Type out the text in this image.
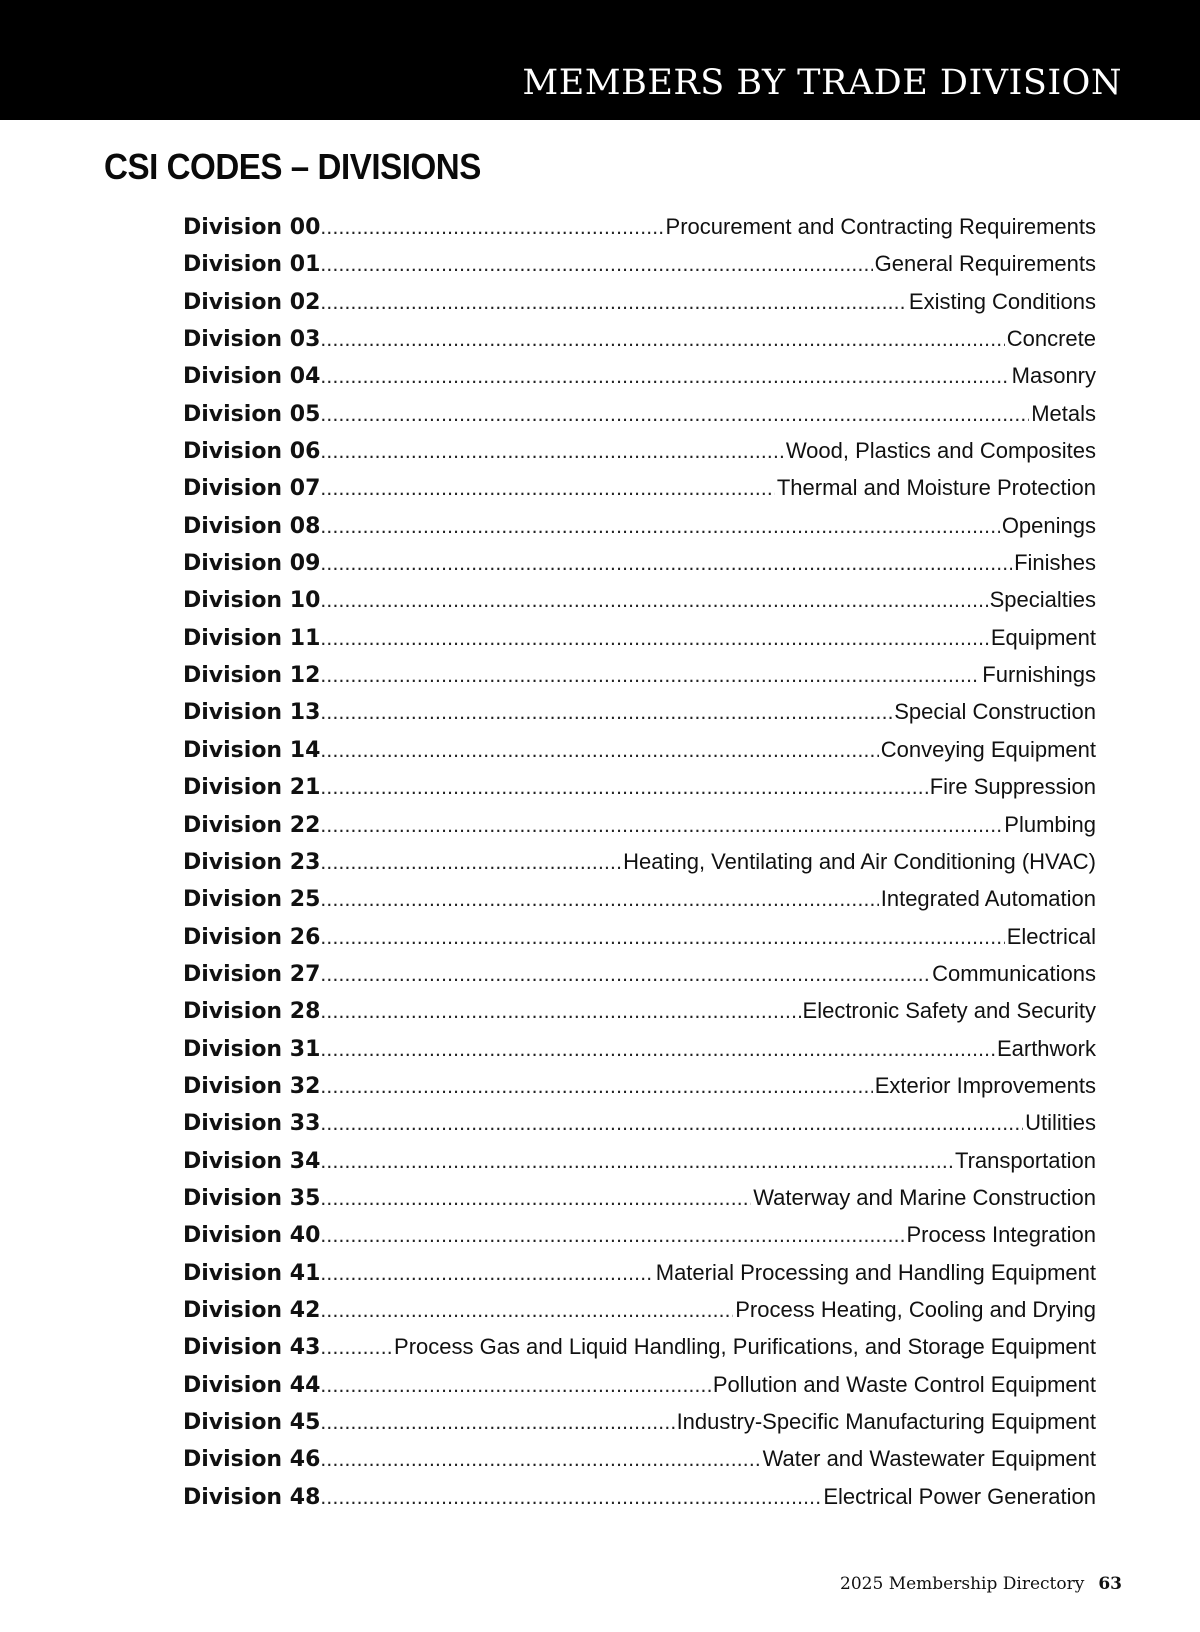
MEMBERS BY TRADE DIVISION
CSI CODES – DIVISIONS
Division 00 .....	Procurement and Contracting Requirements
Division 01 .....	General Requirements
Division 02 .....	Existing Conditions
Division 03 .....	Concrete
Division 04 .....	Masonry
Division 05 .....	Metals
Division 06 .....	Wood, Plastics and Composites
Division 07 .....	Thermal and Moisture Protection
Division 08 .....	Openings
Division 09 .....	Finishes
Division 10 .....	Specialties
Division 11 .....	Equipment
Division 12 .....	Furnishings
Division 13 .....	Special Construction
Division 14 .....	Conveying Equipment
Division 21 .....	Fire Suppression
Division 22 .....	Plumbing
Division 23 .....	Heating, Ventilating and Air Conditioning (HVAC)
Division 25 .....	Integrated Automation
Division 26 .....	Electrical
Division 27 .....	Communications
Division 28 .....	Electronic Safety and Security
Division 31 .....	Earthwork
Division 32 .....	Exterior Improvements
Division 33 .....	Utilities
Division 34 .....	Transportation
Division 35 .....	Waterway and Marine Construction
Division 40 .....	Process Integration
Division 41 .....	Material Processing and Handling Equipment
Division 42 .....	Process Heating, Cooling and Drying
Division 43 .....	Process Gas and Liquid Handling, Purifications, and Storage Equipment
Division 44 .....	Pollution and Waste Control Equipment
Division 45 .....	Industry-Specific Manufacturing Equipment
Division 46 .....	Water and Wastewater Equipment
Division 48 .....	Electrical Power Generation
2025 Membership Directory 63
